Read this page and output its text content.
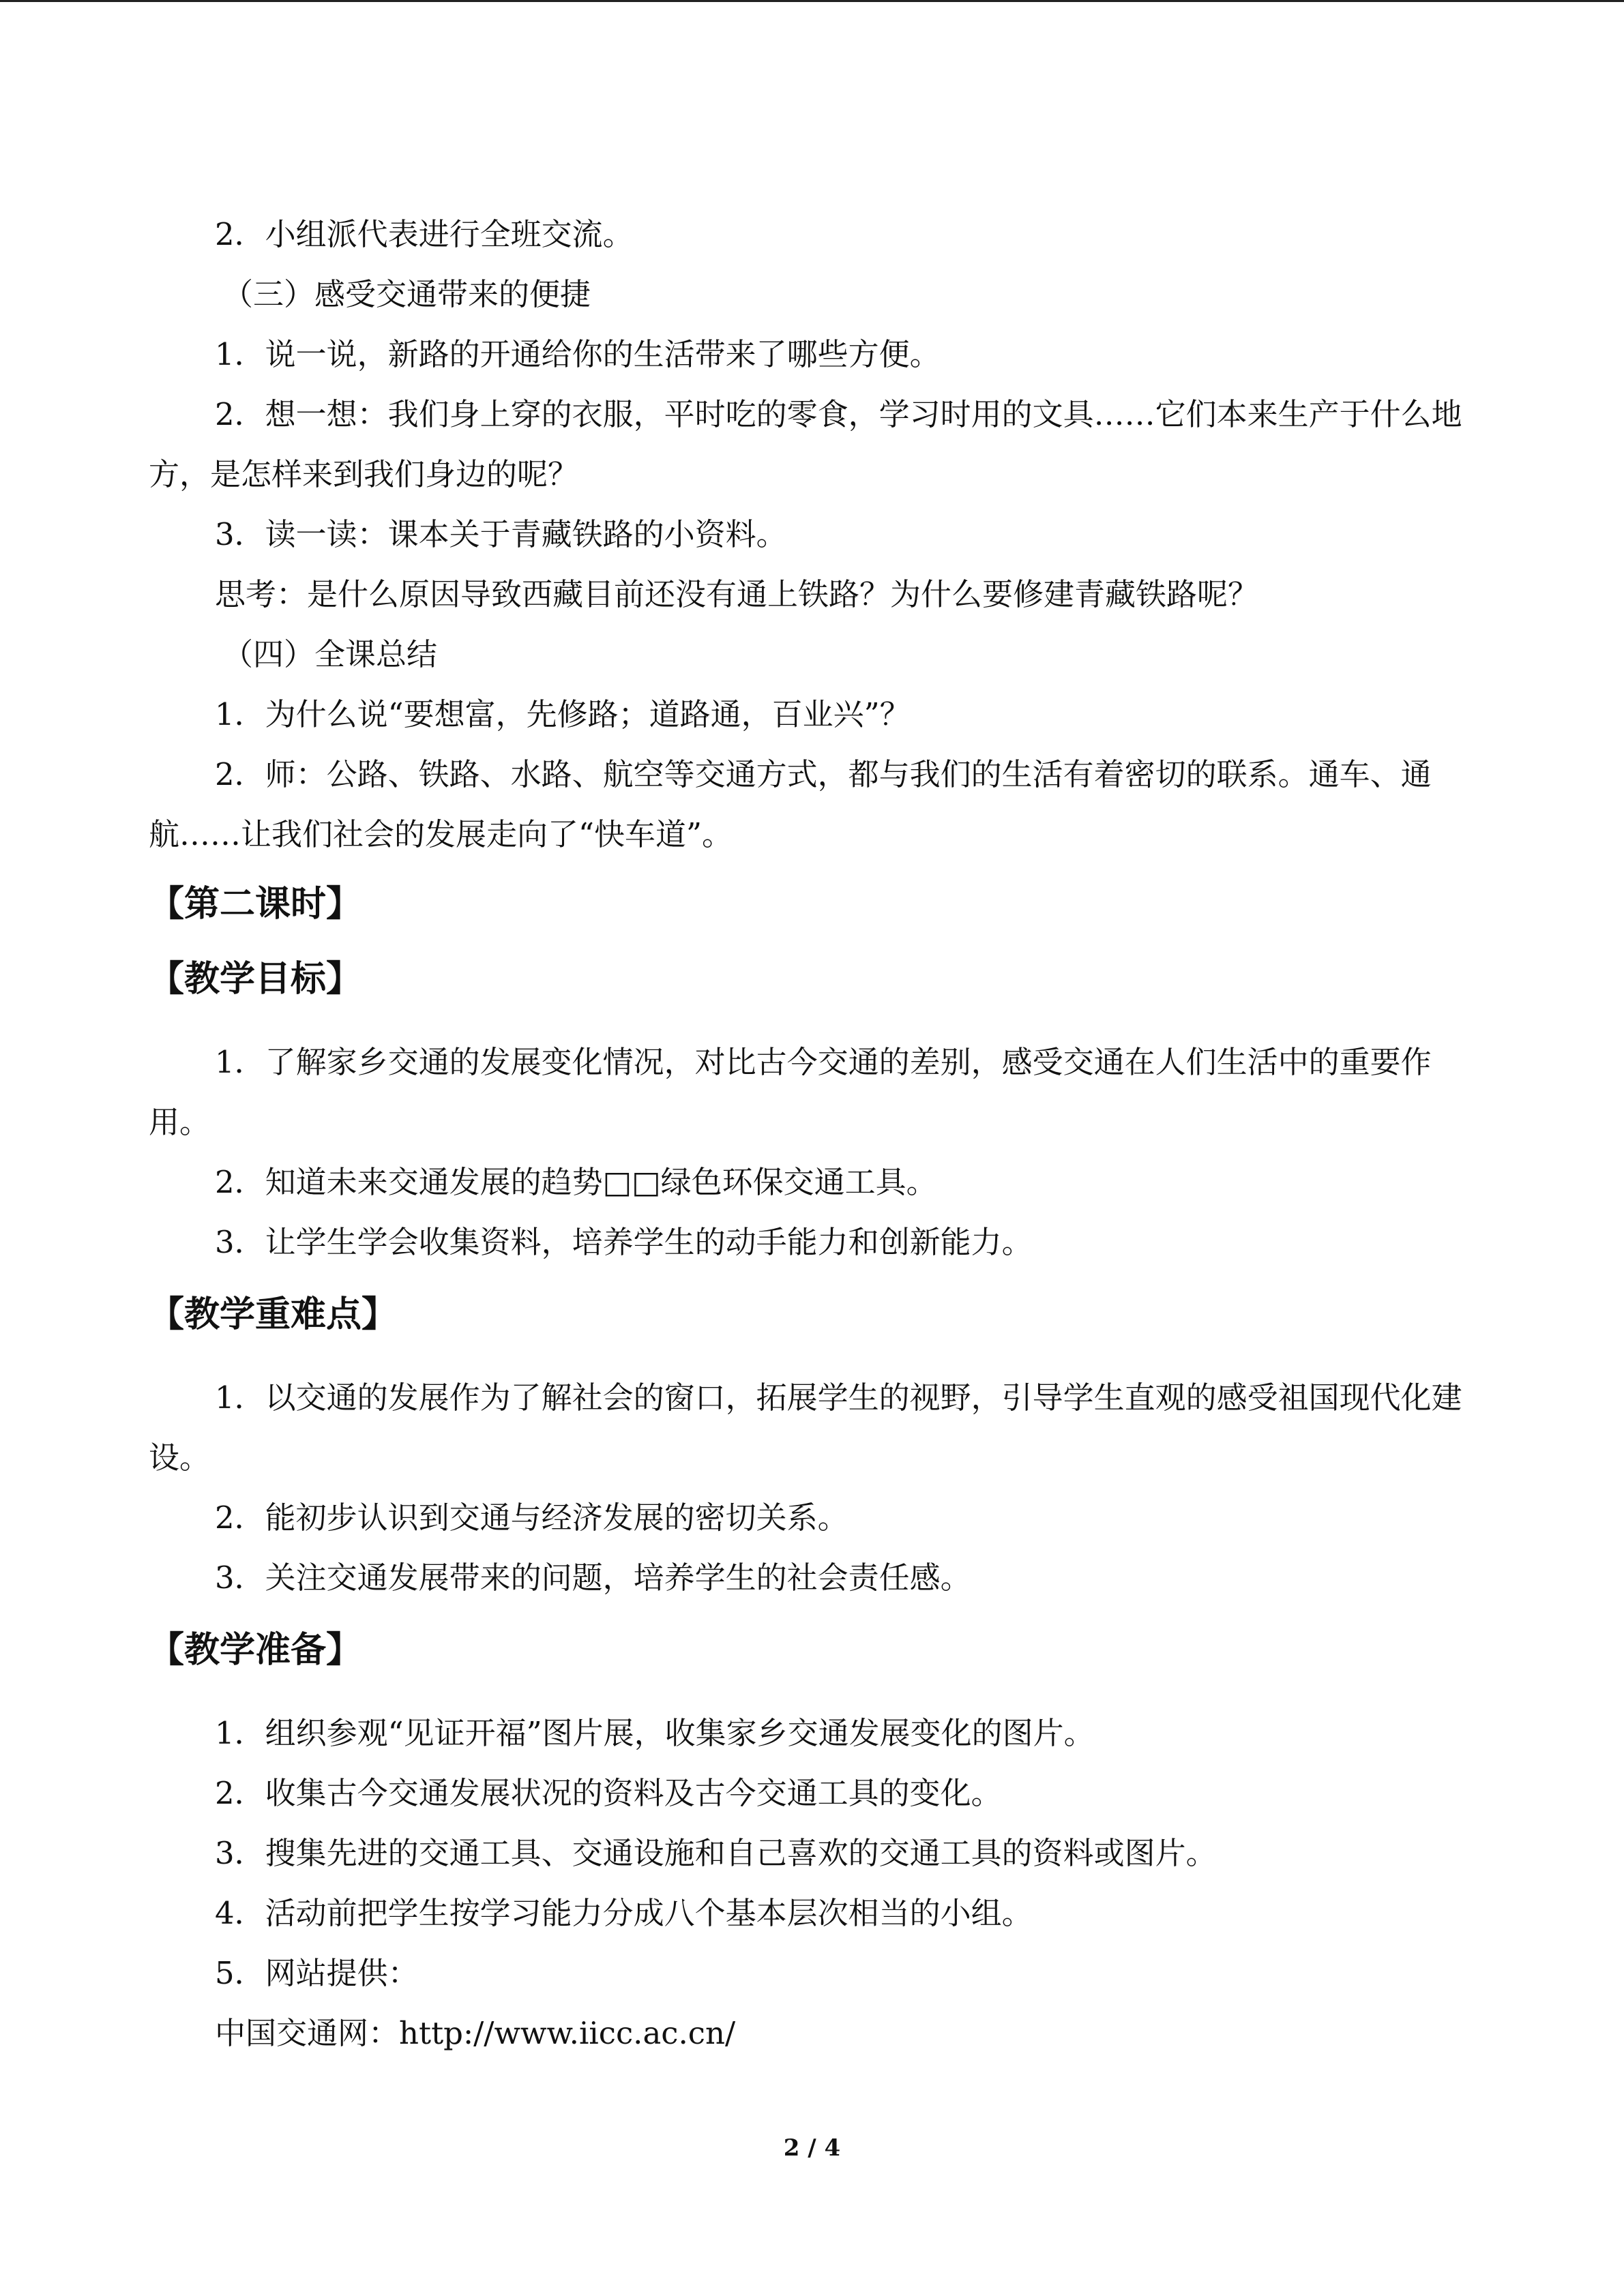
2．小组派代表进行全班交流。

（三）感受交通带来的便捷

1．说一说，新路的开通给你的生活带来了哪些方便。

2．想一想：我们身上穿的衣服，平时吃的零食，学习时用的文具……它们本来生产于什么地方，是怎样来到我们身边的呢？

3．读一读：课本关于青藏铁路的小资料。

思考：是什么原因导致西藏目前还没有通上铁路？为什么要修建青藏铁路呢？

（四）全课总结

1．为什么说“要想富，先修路；道路通，百业兴”？

2．师：公路、铁路、水路、航空等交通方式，都与我们的生活有着密切的联系。通车、通航……让我们社会的发展走向了“快车道”。

【第二课时】
【教学目标】

1．了解家乡交通的发展变化情况，对比古今交通的差别，感受交通在人们生活中的重要作用。

2．知道未来交通发展的趋势□□绿色环保交通工具。

3．让学生学会收集资料，培养学生的动手能力和创新能力。

【教学重难点】

1．以交通的发展作为了解社会的窗口，拓展学生的视野，引导学生直观的感受祖国现代化建设。

2．能初步认识到交通与经济发展的密切关系。

3．关注交通发展带来的问题，培养学生的社会责任感。

【教学准备】

1．组织参观“见证开福”图片展，收集家乡交通发展变化的图片。

2．收集古今交通发展状况的资料及古今交通工具的变化。

3．搜集先进的交通工具、交通设施和自己喜欢的交通工具的资料或图片。

4．活动前把学生按学习能力分成八个基本层次相当的小组。

5．网站提供：

中国交通网：http://www.iicc.ac.cn/

2 / 4
